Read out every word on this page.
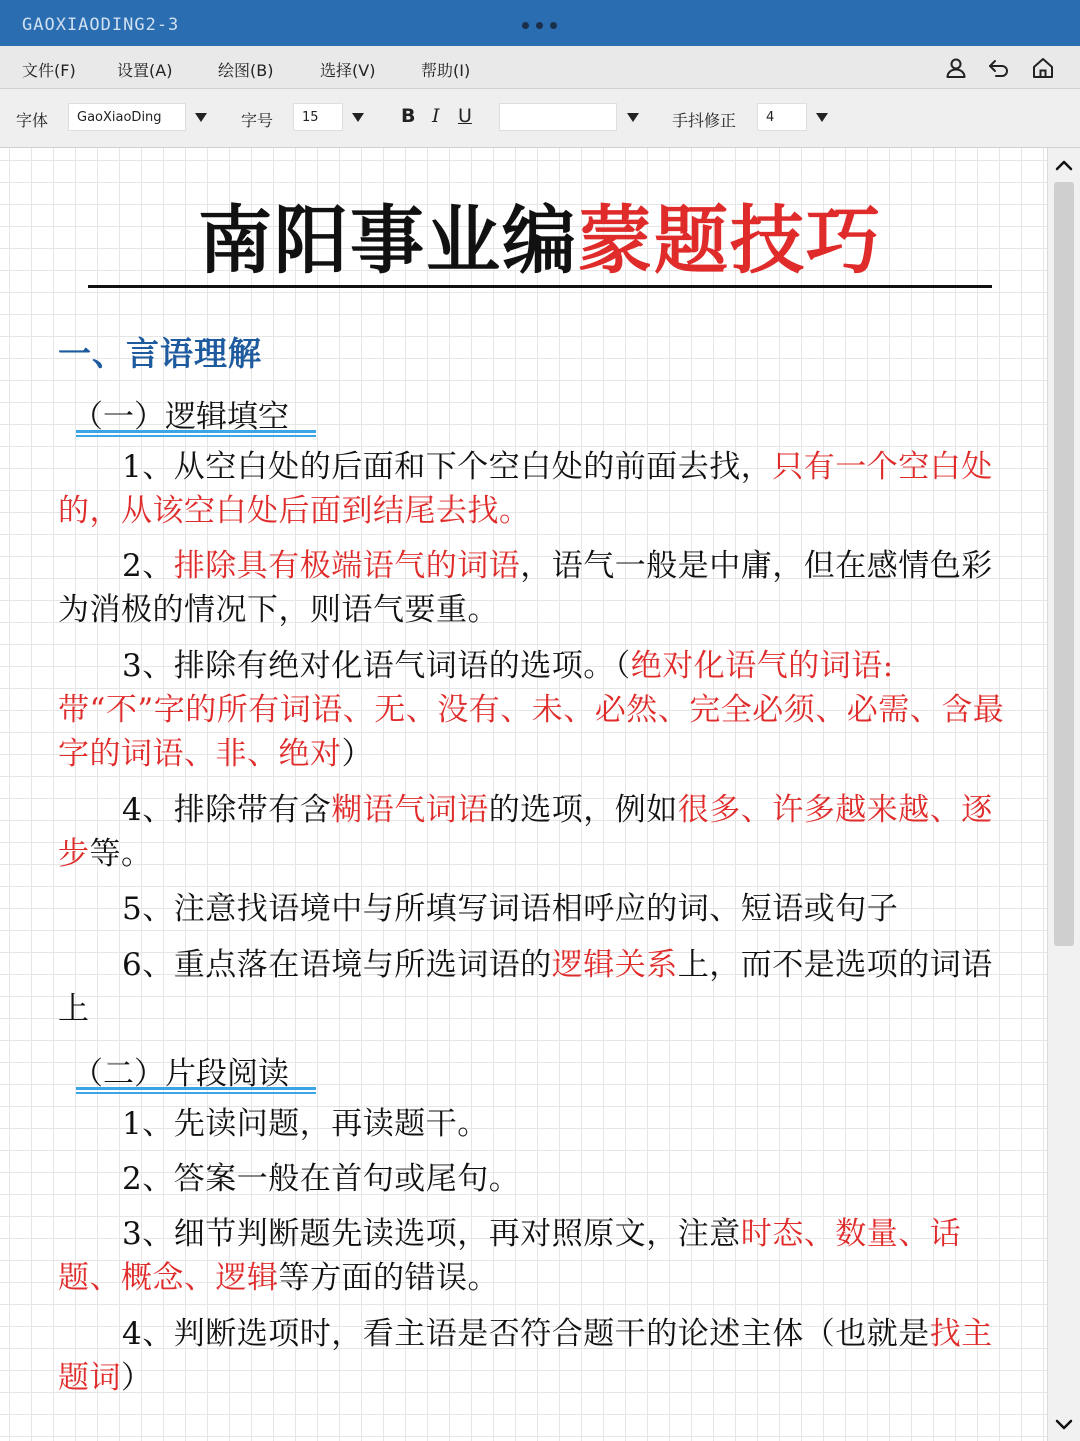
GAOXIAODING2-3
文件(F)	设置(A)	绘图(B)	选择(V)	帮助(I)
字体	GaoXiaoDing	字号	15	B I U	手抖修正	4
南阳事业编蒙题技巧
一、言语理解
（一）逻辑填空
1、从空白处的后面和下个空白处的前面去找，只有一个空白处的，从该空白处后面到结尾去找。
2、排除具有极端语气的词语，语气一般是中庸，但在感情色彩为消极的情况下，则语气要重。
3、排除有绝对化语气词语的选项。（绝对化语气的词语:带“不”字的所有词语、无、没有、未、必然、完全必须、必需、含最字的词语、非、绝对）
4、排除带有含糊语气词语的选项，例如很多、许多越来越、逐步等。
5、注意找语境中与所填写词语相呼应的词、短语或句子
6、重点落在语境与所选词语的逻辑关系上，而不是选项的词语上
（二）片段阅读
1、先读问题，再读题干。
2、答案一般在首句或尾句。
3、细节判断题先读选项，再对照原文，注意时态、数量、话题、概念、逻辑等方面的错误。
4、判断选项时，看主语是否符合题干的论述主体（也就是找主题词）
